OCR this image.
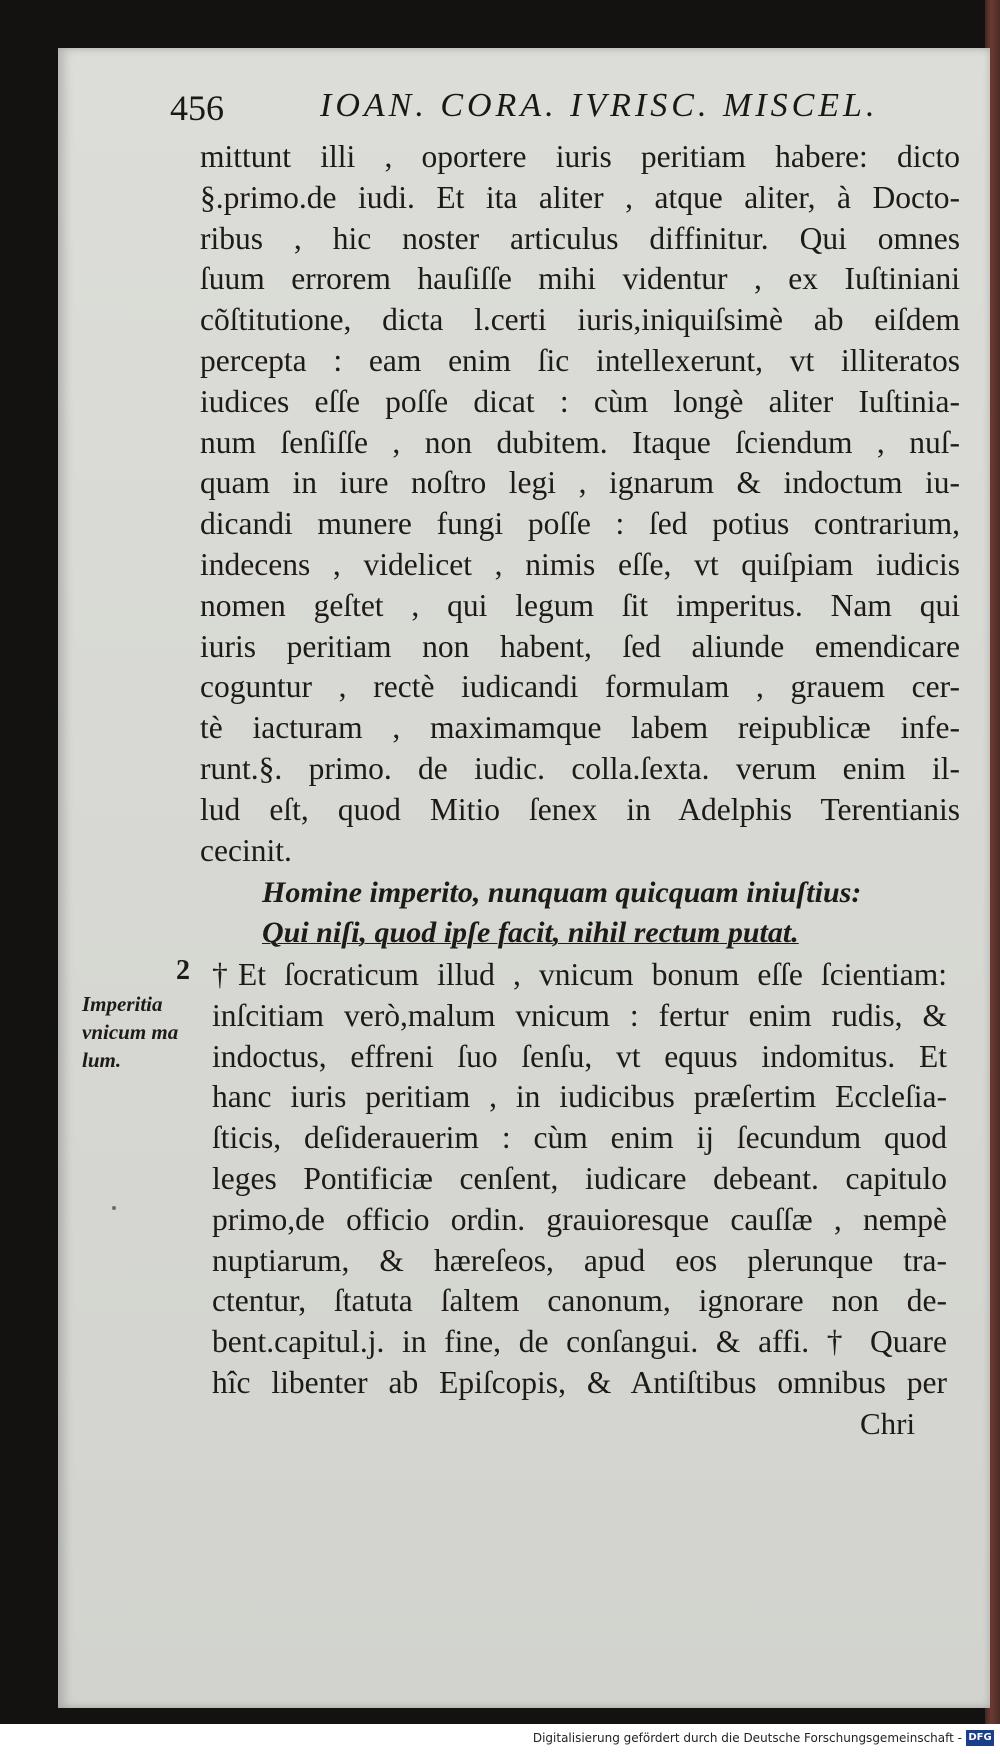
456	IOAN. CORA. IVRISC. MISCEL.
mittunt illi , oportere iuris peritiam habere: dicto
§.primo.de iudi. Et ita aliter , atque aliter, à Docto-
ribus , hic noster articulus diffinitur. Qui omnes
ſuum errorem hauſiſſe mihi videntur , ex Iuſtiniani
cõſtitutione, dicta l.certi iuris,iniquiſsimè ab eiſdem
percepta : eam enim ſic intellexerunt, vt illiteratos
iudices eſſe poſſe dicat : cùm longè aliter Iuſtinia-
num ſenſiſſe , non dubitem. Itaque ſciendum , nuſ-
quam in iure noſtro legi , ignarum & indoctum iu-
dicandi munere fungi poſſe : ſed potius contrarium,
indecens , videlicet , nimis eſſe, vt quiſpiam iudicis
nomen geſtet , qui legum ſit imperitus. Nam qui
iuris peritiam non habent, ſed aliunde emendicare
coguntur , rectè iudicandi formulam , grauem cer-
tè iacturam , maximamque labem reipublicæ infe-
runt.§. primo. de iudic. colla.ſexta. verum enim il-
lud eſt, quod Mitio ſenex in Adelphis Terentianis
cecinit.
Homine imperito, nunquam quicquam iniuſtius:
Qui niſi, quod ipſe facit, nihil rectum putat.
2
Imperitia
vnicum ma
lum.
†Et ſocraticum illud , vnicum bonum eſſe ſcientiam:
inſcitiam verò,malum vnicum : fertur enim rudis, &
indoctus, effreni ſuo ſenſu, vt equus indomitus. Et
hanc iuris peritiam , in iudicibus præſertim Eccleſia-
ſticis, deſiderauerim : cùm enim ij ſecundum quod
leges Pontificiæ cenſent, iudicare debeant. capitulo
primo,de officio ordin. grauioresque cauſſæ , nempè
nuptiarum, & hæreſeos, apud eos plerunque tra-
ctentur, ſtatuta ſaltem canonum, ignorare non de-
bent.capitul.j. in fine, de conſangui. & affi. † Quare
hîc libenter ab Epiſcopis, & Antiſtibus omnibus per
Chri
Digitalisierung gefördert durch die Deutsche Forschungsgemeinschaft - DFG
